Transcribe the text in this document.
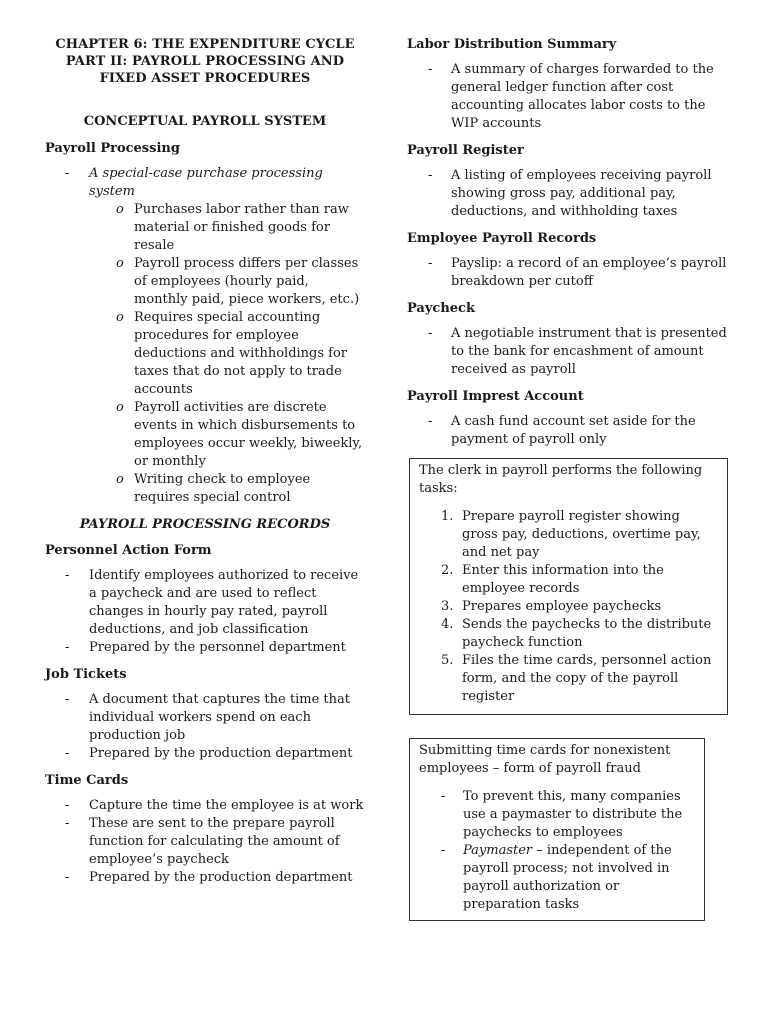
CHAPTER 6: THE EXPENDITURE CYCLE
PART II: PAYROLL PROCESSING AND
FIXED ASSET PROCEDURES
CONCEPTUAL PAYROLL SYSTEM
Payroll Processing
- A special-case purchase processing system
o Purchases labor rather than raw material or finished goods for resale
o Payroll process differs per classes of employees (hourly paid, monthly paid, piece workers, etc.)
o Requires special accounting procedures for employee deductions and withholdings for taxes that do not apply to trade accounts
o Payroll activities are discrete events in which disbursements to employees occur weekly, biweekly, or monthly
o Writing check to employee requires special control
PAYROLL PROCESSING RECORDS
Personnel Action Form
- Identify employees authorized to receive a paycheck and are used to reflect changes in hourly pay rated, payroll deductions, and job classification
- Prepared by the personnel department
Job Tickets
- A document that captures the time that individual workers spend on each production job
- Prepared by the production department
Time Cards
- Capture the time the employee is at work
- These are sent to the prepare payroll function for calculating the amount of employee’s paycheck
- Prepared by the production department
Labor Distribution Summary
- A summary of charges forwarded to the general ledger function after cost accounting allocates labor costs to the WIP accounts
Payroll Register
- A listing of employees receiving payroll showing gross pay, additional pay, deductions, and withholding taxes
Employee Payroll Records
- Payslip: a record of an employee’s payroll breakdown per cutoff
Paycheck
- A negotiable instrument that is presented to the bank for encashment of amount received as payroll
Payroll Imprest Account
- A cash fund account set aside for the payment of payroll only
The clerk in payroll performs the following tasks:
1. Prepare payroll register showing gross pay, deductions, overtime pay, and net pay
2. Enter this information into the employee records
3. Prepares employee paychecks
4. Sends the paychecks to the distribute paycheck function
5. Files the time cards, personnel action form, and the copy of the payroll register
Submitting time cards for nonexistent employees – form of payroll fraud
- To prevent this, many companies use a paymaster to distribute the paychecks to employees
- Paymaster – independent of the payroll process; not involved in payroll authorization or preparation tasks
